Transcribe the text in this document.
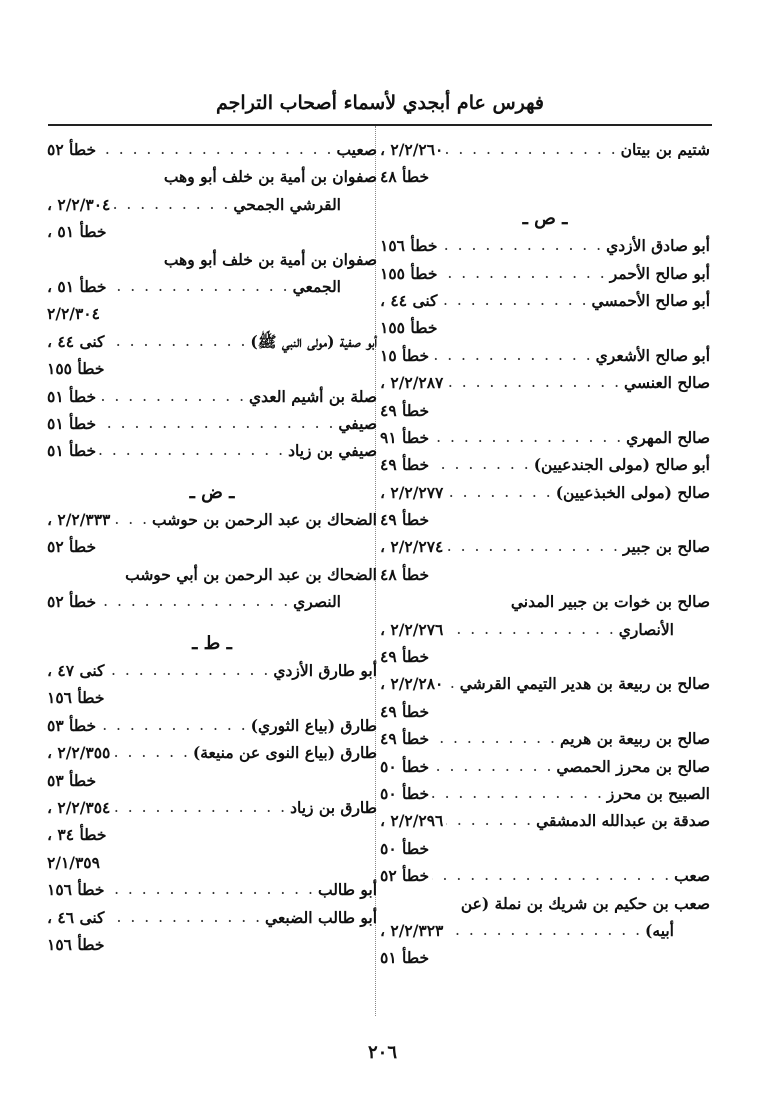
فهرس عام أبجدي لأسماء أصحاب التراجم
شتيم بن بيتان
. . .
٢/٢/٢٦٠ ،
خطأ ٤٨
ـ ص ـ
أبو صادق الأزدي
. . .
خطأ ١٥٦
أبو صالح الأحمر
. . .
خطأ ١٥٥
أبو صالح الأحمسي
. . .
كنى ٤٤ ،
خطأ ١٥٥
أبو صالح الأشعري
. . .
خطأ ١٥
صالح العنسي
. . .
٢/٢/٢٨٧ ،
خطأ ٤٩
صالح المهري
. . .
خطأ ٩١
أبو صالح (مولى الجندعيين)
. . .
خطأ ٤٩
صالح (مولى الخبذعيين)
. . .
٢/٢/٢٧٧ ،
خطأ ٤٩
صالح بن جبير
. . .
٢/٢/٢٧٤ ،
خطأ ٤٨
صالح بن خوات بن جبير المدني
الأنصاري
. . .
٢/٢/٢٧٦ ،
خطأ ٤٩
صالح بن ربيعة بن هدير التيمي القرشي
. . .
٢/٢/٢٨٠ ،
خطأ ٤٩
صالح بن ربيعة بن هريم
. . .
خطأ ٤٩
صالح بن محرز الحمصي
. . .
خطأ ٥٠
الصبيح بن محرز
. . .
خطأ ٥٠
صدقة بن عبدالله الدمشقي
. . .
٢/٢/٢٩٦ ،
خطأ ٥٠
صعب
. . .
خطأ ٥٢
صعب بن حكيم بن شريك بن نملة (عن
أبيه)
. . .
٢/٢/٣٢٣ ،
خطأ ٥١
صعيب
. . .
خطأ ٥٢
صفوان بن أمية بن خلف أبو وهب
القرشي الجمحي
. . .
٢/٢/٣٠٤ ،
خطأ ٥١ ،
صفوان بن أمية بن خلف أبو وهب
الجمعي
. . .
خطأ ٥١ ،
٢/٢/٣٠٤
أبو صفية (مولى النبي ﷺ)
. . .
كنى ٤٤ ،
خطأ ١٥٥
صلة بن أشيم العدي
. . .
خطأ ٥١
صيفي
. . .
خطأ ٥١
صيفي بن زياد
. . .
خطأ ٥١
ـ ض ـ
الضحاك بن عبد الرحمن بن حوشب
. . .
٢/٢/٣٣٣ ،
خطأ ٥٢
الضحاك بن عبد الرحمن بن أبي حوشب
النصري
. . .
خطأ ٥٢
ـ ط ـ
أبو طارق الأزدي
. . .
كنى ٤٧ ،
خطأ ١٥٦
طارق (بياع الثوري)
. . .
خطأ ٥٣
طارق (بياع النوى عن منيعة)
. . .
٢/٢/٣٥٥ ،
خطأ ٥٣
طارق بن زياد
. . .
٢/٢/٣٥٤ ،
خطأ ٣٤ ،
٢/١/٣٥٩
أبو طالب
. . .
خطأ ١٥٦
أبو طالب الضبعي
. . .
كنى ٤٦ ،
خطأ ١٥٦
٢٠٦
